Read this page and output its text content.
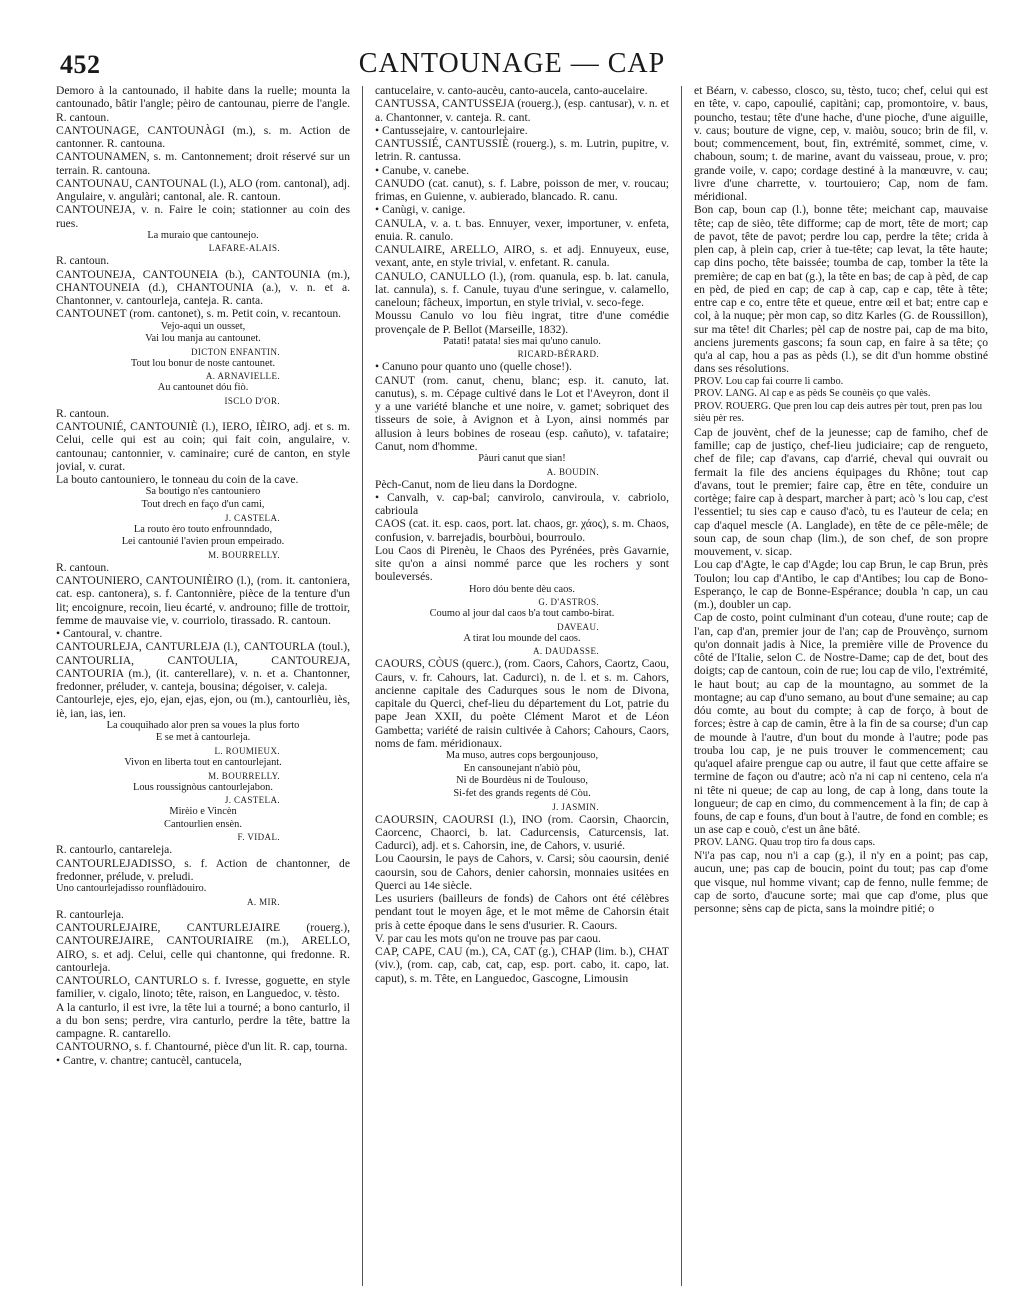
452	CANTOUNAGE — CAP

Demoro à la cantounado, il habite dans la ruelle; mounta la cantounado, bâtir l'angle; pèiro de cantounau, pierre de l'angle. R. cantoun.

CANTOUNAGE, CANTOUNÀGI (m.), s. m. Action de cantonner. R. cantouna.

CANTOUNAMEN, s. m. Cantonnement; droit réservé sur un terrain. R. cantouna.

CANTOUNAU, CANTOUNAL (l.), ALO (rom. cantonal), adj. Angulaire, v. angulàri; cantonal, ale. R. cantoun.

CANTOUNEJA, v. n. Faire le coin; stationner au coin des rues.

La muraio que cantounejo.

LAFARE-ALAIS.

R. cantoun.

CANTOUNEJA, CANTOUNEIA (b.), CANTOUNIA (m.), CHANTOUNEIA (d.), CHANTOUNIA (a.), v. n. et a. Chantonner, v. cantourleja, canteja. R. canta.

CANTOUNET (rom. cantonet), s. m. Petit coin, v. recantoun.

Vejo-aqui un ousset,

Vai lou manja au cantounet.

DICTON ENFANTIN.

Tout lou bonur de noste cantounet.

A. ARNAVIELLE.

Au cantounet dóu fiò.

ISCLO D'OR.

R. cantoun.

CANTOUNIÉ, CANTOUNIÈ (l.), IERO, IÈIRO, adj. et s. m. Celui, celle qui est au coin; qui fait coin, angulaire, v. cantounau; cantonnier, v. caminaire; curé de canton, en style jovial, v. curat.

La bouto cantouniero, le tonneau du coin de la cave.

Sa boutigo n'es cantouniero

Tout drech en faço d'un cami,

J. CASTELA.

La routo èro touto enfrounndado,

Lei cantounié l'avien proun empeirado.

M. BOURRELLY.

R. cantoun.

CANTOUNIERO, CANTOUNIÈIRO (l.), (rom. it. cantoniera, cat. esp. cantonera), s. f. Cantonnière, pièce de la tenture d'un lit; encoignure, recoin, lieu écarté, v. androuno; fille de trottoir, femme de mauvaise vie, v. courriolo, tirassado. R. cantoun.

• Cantoural, v. chantre.

CANTOURLEJA, CANTURLEJA (l.), CANTOURLA (toul.), CANTOURLIA, CANTOULIA, CANTOUREJA, CANTOURIA (m.), (it. canterellare), v. n. et a. Chantonner, fredonner, préluder, v. canteja, bousina; dégoiser, v. caleja.

Cantourleje, ejes, ejo, ejan, ejas, ejon, ou (m.), cantourlièu, iès, iè, ian, ias, ien.

La couquihado alor pren sa voues la plus forto

E se met à cantourleja.

L. ROUMIEUX.

Vivon en liberta tout en cantourlejant.

M. BOURRELLY.

Lous roussignòus cantourlejabon.

J. CASTELA.

Mirèio e Vincèn

Cantourlien ensèn.

F. VIDAL.

R. cantourlo, cantareleja.

CANTOURLEJADISSO, s. f. Action de chantonner, de fredonner, prélude, v. preludi.

Uno cantourlejadisso rounflàdouiro.

A. MIR.

R. cantourleja.

CANTOURLEJAIRE, CANTURLEJAIRE (rouerg.), CANTOUREJAIRE, CANTOURIAIRE (m.), ARELLO, AIRO, s. et adj. Celui, celle qui chantonne, qui fredonne. R. cantourleja.

CANTOURLO, CANTURLO s. f. Ivresse, goguette, en style familier, v. cigalo, linoto; tête, raison, en Languedoc, v. tèsto.

A la canturlo, il est ivre, la tête lui a tourné; a bono canturlo, il a du bon sens; perdre, vira canturlo, perdre la tête, battre la campagne. R. cantarello.

CANTOURNO, s. f. Chantourné, pièce d'un lit. R. cap, tourna.

• Cantre, v. chantre; cantucèl, cantucela,

cantucelaire, v. canto-aucèu, canto-aucela, canto-aucelaire.

CANTUSSA, CANTUSSEJA (rouerg.), (esp. cantusar), v. n. et a. Chantonner, v. canteja. R. cant.

• Cantussejaire, v. cantourlejaire.

CANTUSSIÉ, CANTUSSIÈ (rouerg.), s. m. Lutrin, pupitre, v. letrin. R. cantussa.

• Canube, v. canebe.

CANUDO (cat. canut), s. f. Labre, poisson de mer, v. roucau; frimas, en Guienne, v. aubierado, blancado. R. canu.

• Canùgi, v. canige.

CANULA, v. a. t. bas. Ennuyer, vexer, importuner, v. enfeta, enuia. R. canulo.

CANULAIRE, ARELLO, AIRO, s. et adj. Ennuyeux, euse, vexant, ante, en style trivial, v. enfetant. R. canula.

CANULO, CANULLO (l.), (rom. quanula, esp. b. lat. canula, lat. cannula), s. f. Canule, tuyau d'une seringue, v. calamello, caneloun; fâcheux, importun, en style trivial, v. seco-fege.

Moussu Canulo vo lou fièu ingrat, titre d'une comédie provençale de P. Bellot (Marseille, 1832).

Patati! patata! sies mai qu'uno canulo.

RICARD-BÉRARD.

• Canuno pour quanto uno (quelle chose!).

CANUT (rom. canut, chenu, blanc; esp. it. canuto, lat. canutus), s. m. Cépage cultivé dans le Lot et l'Aveyron, dont il y a une variété blanche et une noire, v. gamet; sobriquet des tisseurs de soie, à Avignon et à Lyon, ainsi nommés par allusion à leurs bobines de roseau (esp. cañuto), v. tafataire; Canut, nom d'homme.

Pàuri canut que sian!

A. BOUDIN.

Pèch-Canut, nom de lieu dans la Dordogne.

• Canvalh, v. cap-bal; canvirolo, canviroula, v. cabriolo, cabrioula

CAOS (cat. it. esp. caos, port. lat. chaos, gr. χάος), s. m. Chaos, confusion, v. barrejadis, bourbòui, bourroulo.

Lou Caos di Pirenèu, le Chaos des Pyrénées, près Gavarnie, site qu'on a ainsi nommé parce que les rochers y sont bouleversés.

Horo dóu bente dèu caos.

G. D'ASTROS.

Coumo al jour dal caos b'a tout cambo-birat.

DAVEAU.

A tirat lou mounde del caos.

A. DAUDASSE.

CAOURS, CÒUS (querc.), (rom. Caors, Cahors, Caortz, Caou, Caurs, v. fr. Cahours, lat. Cadurci), n. de l. et s. m. Cahors, ancienne capitale des Cadurques sous le nom de Divona, capitale du Querci, chef-lieu du département du Lot, patrie du pape Jean XXII, du poète Clément Marot et de Léon Gambetta; variété de raisin cultivée à Cahors; Cahours, Caors, noms de fam. méridionaux.

Ma muso, autres cops bergounjouso,

En cansounejant n'abiò pòu,

Ni de Bourdèus ni de Toulouso,

Si-fet des grands regents dé Còu.

J. JASMIN.

CAOURSIN, CAOURSI (l.), INO (rom. Caorsin, Chaorcin, Caorcenc, Chaorci, b. lat. Cadurcensis, Caturcensis, lat. Cadurci), adj. et s. Cahorsin, ine, de Cahors, v. usurié.

Lou Caoursin, le pays de Cahors, v. Carsi; sòu caoursin, denié caoursin, sou de Cahors, denier cahorsin, monnaies usitées en Querci au 14e siècle.

Les usuriers (bailleurs de fonds) de Cahors ont été célèbres pendant tout le moyen âge, et le mot même de Cahorsin était pris à cette époque dans le sens d'usurier. R. Caours.

V. par cau les mots qu'on ne trouve pas par caou.

CAP, CAPE, CAU (m.), CA, CAT (g.), CHAP (lim. b.), CHAT (viv.), (rom. cap, cab, cat, cap, esp. port. cabo, it. capo, lat. caput), s. m. Tête, en Languedoc, Gascogne, Limousin

et Béarn, v. cabesso, closco, su, tèsto, tuco; chef, celui qui est en tête, v. capo, capoulié, capitàni; cap, promontoire, v. baus, pouncho, testau; tête d'une hache, d'une pioche, d'une aiguille, v. caus; bouture de vigne, cep, v. maiòu, souco; brin de fil, v. bout; commencement, bout, fin, extrémité, sommet, cime, v. chaboun, soum; t. de marine, avant du vaisseau, proue, v. pro; grande voile, v. capo; cordage destiné à la manœuvre, v. cau; livre d'une charrette, v. tourtouiero; Cap, nom de fam. méridional.

Bon cap, boun cap (l.), bonne tête; meichant cap, mauvaise tête; cap de sièo, tête difforme; cap de mort, tête de mort; cap de pavot, tête de pavot; perdre lou cap, perdre la tête; crida à plen cap, à plein cap, crier à tue-tête; cap levat, la tête haute; cap dins pocho, tête baissée; toumba de cap, tomber la tête la première; de cap en bat (g.), la tête en bas; de cap à pèd, de cap en pèd, de pied en cap; de cap à cap, cap e cap, tête à tête; entre cap e co, entre tête et queue, entre œil et bat; entre cap e col, à la nuque; pèr mon cap, so ditz Karles (G. de Roussillon), sur ma tête! dit Charles; pèl cap de nostre pai, cap de ma bito, anciens jurements gascons; fa soun cap, en faire à sa tête; ço qu'a al cap, hou a pas as pèds (l.), se dit d'un homme obstiné dans ses résolutions.

PROV. Lou cap fai courre li cambo.

PROV. LANG. Al cap e as pèds Se counèis ço que valès.

PROV. ROUERG. Que pren lou cap deis autres pèr tout, pren pas lou sièu pèr res.

Cap de jouvènt, chef de la jeunesse; cap de famiho, chef de famille; cap de justiço, chef-lieu judiciaire; cap de rengueto, chef de file; cap d'avans, cap d'arrié, cheval qui ouvrait ou fermait la file des anciens équipages du Rhône; tout cap d'avans, tout le premier; faire cap, être en tête, conduire un cortège; faire cap à despart, marcher à part; acò 's lou cap, c'est l'essentiel; tu sies cap e causo d'acò, tu es l'auteur de cela; en cap d'aquel mescle (A. Langlade), en tête de ce pêle-mêle; de soun cap, de soun chap (lim.), de son chef, de son propre mouvement, v. sicap.

Lou cap d'Agte, le cap d'Agde; lou cap Brun, le cap Brun, près Toulon; lou cap d'Antibo, le cap d'Antibes; lou cap de Bono-Esperanço, le cap de Bonne-Espérance; doubla 'n cap, un cau (m.), doubler un cap.

Cap de costo, point culminant d'un coteau, d'une route; cap de l'an, cap d'an, premier jour de l'an; cap de Prouvènço, surnom qu'on donnait jadis à Nice, la première ville de Provence du côté de l'Italie, selon C. de Nostre-Dame; cap de det, bout des doigts; cap de cantoun, coin de rue; lou cap de vilo, l'extrémité, le haut bout; au cap de la mountagno, au sommet de la montagne; au cap d'uno semano, au bout d'une semaine; au cap dóu comte, au bout du compte; à cap de forço, à bout de forces; èstre à cap de camin, être à la fin de sa course; d'un cap de mounde à l'autre, d'un bout du monde à l'autre; pode pas trouba lou cap, je ne puis trouver le commencement; cau qu'aquel afaire prengue cap ou autre, il faut que cette affaire se termine de façon ou d'autre; acò n'a ni cap ni centeno, cela n'a ni tête ni queue; de cap au long, de cap à long, dans toute la longueur; de cap en cimo, du commencement à la fin; de cap à founs, de cap e founs, d'un bout à l'autre, de fond en comble; es un ase cap e couò, c'est un âne bâté.

PROV. LANG. Quau trop tiro fa dous caps.

N'i'a pas cap, nou n'i a cap (g.), il n'y en a point; pas cap, aucun, une; pas cap de boucin, point du tout; pas cap d'ome que visque, nul homme vivant; cap de fenno, nulle femme; de cap de sorto, d'aucune sorte; mai que cap d'ome, plus que personne; sèns cap de picta, sans la moindre pitié; o
